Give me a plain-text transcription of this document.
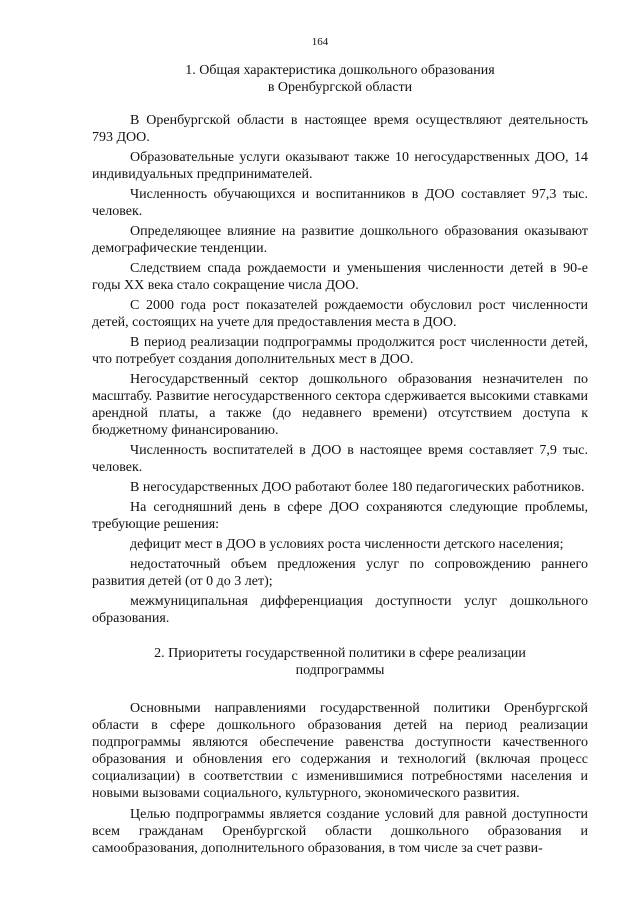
164
1. Общая характеристика дошкольного образования
в Оренбургской области

В Оренбургской области в настоящее время осуществляют деятельность 793 ДОО.

Образовательные услуги оказывают также 10 негосударственных ДОО, 14 индивидуальных предпринимателей.

Численность обучающихся и воспитанников в ДОО составляет 97,3 тыс. человек.

Определяющее влияние на развитие дошкольного образования оказывают демографические тенденции.

Следствием спада рождаемости и уменьшения численности детей в 90-е годы XX века стало сокращение числа ДОО.

С 2000 года рост показателей рождаемости обусловил рост численности детей, состоящих на учете для предоставления места в ДОО.

В период реализации подпрограммы продолжится рост численности детей, что потребует создания дополнительных мест в ДОО.

Негосударственный сектор дошкольного образования незначителен по масштабу. Развитие негосударственного сектора сдерживается высокими ставками арендной платы, а также (до недавнего времени) отсутствием доступа к бюджетному финансированию.

Численность воспитателей в ДОО в настоящее время составляет 7,9 тыс. человек.

В негосударственных ДОО работают более 180 педагогических работников.

На сегодняшний день в сфере ДОО сохраняются следующие проблемы, требующие решения:

дефицит мест в ДОО в условиях роста численности детского населения;

недостаточный объем предложения услуг по сопровождению раннего развития детей (от 0 до 3 лет);

межмуниципальная дифференциация доступности услуг дошкольного образования.

2. Приоритеты государственной политики в сфере реализации
подпрограммы

Основными направлениями государственной политики Оренбургской области в сфере дошкольного образования детей на период реализации подпрограммы являются обеспечение равенства доступности качественного образования и обновления его содержания и технологий (включая процесс социализации) в соответствии с изменившимися потребностями населения и новыми вызовами социального, культурного, экономического развития.

Целью подпрограммы является создание условий для равной доступности всем гражданам Оренбургской области дошкольного образования и самообразования, дополнительного образования, в том числе за счет разви-
